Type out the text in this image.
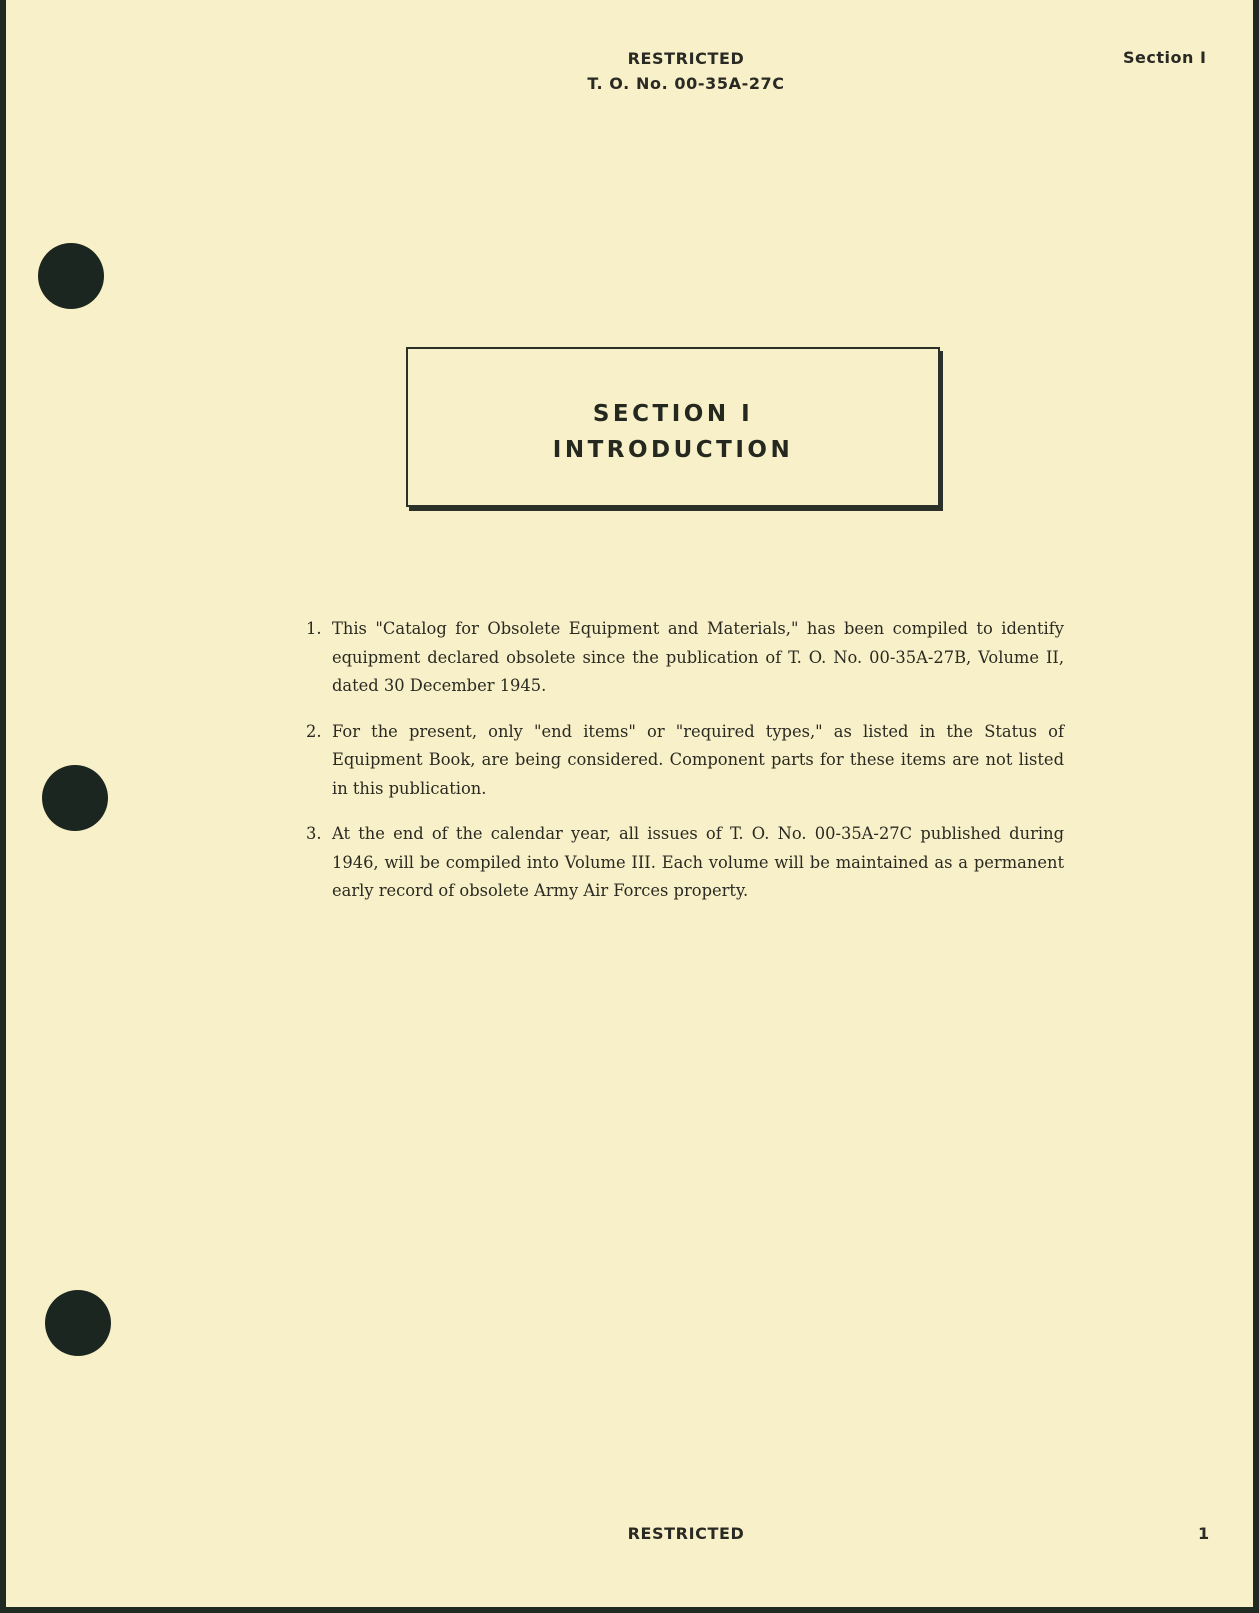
RESTRICTED
T. O. No. 00-35A-27C
Section I
SECTION I
INTRODUCTION
1. This "Catalog for Obsolete Equipment and Materials," has been compiled to identify equipment declared obsolete since the publication of T. O. No. 00-35A-27B, Volume II, dated 30 December 1945.
2. For the present, only "end items" or "required types," as listed in the Status of Equipment Book, are being considered. Component parts for these items are not listed in this publication.
3. At the end of the calendar year, all issues of T. O. No. 00-35A-27C published during 1946, will be compiled into Volume III. Each volume will be maintained as a permanent early record of obsolete Army Air Forces property.
RESTRICTED	1
